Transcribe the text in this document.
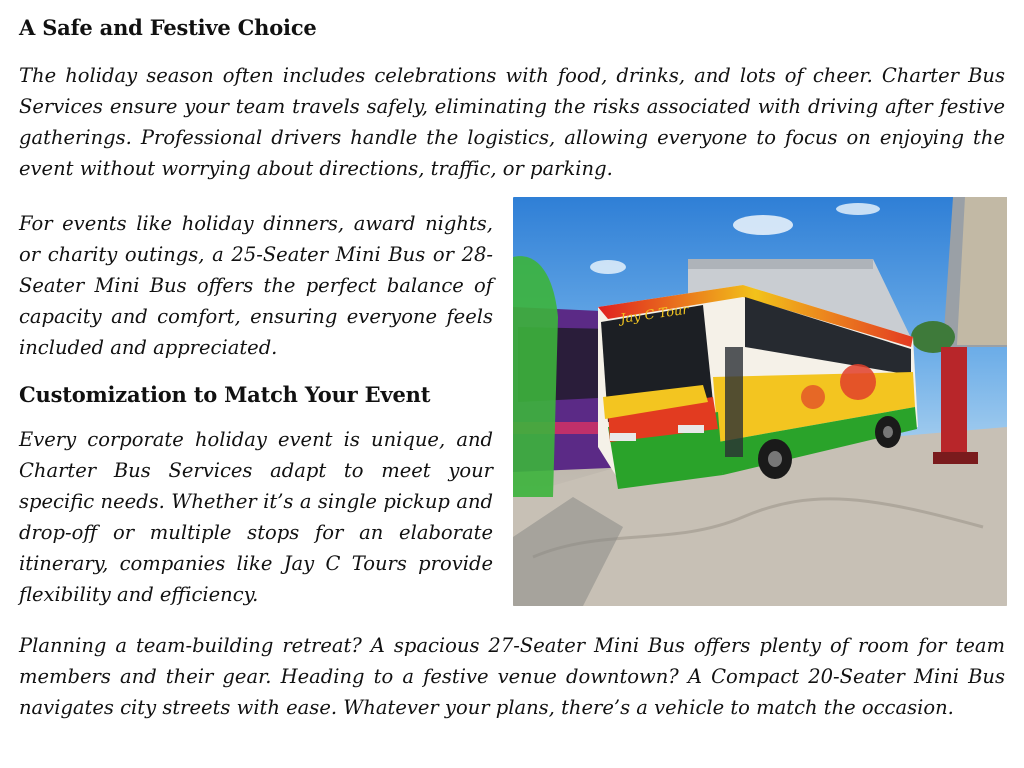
A Safe and Festive Choice

The holiday season often includes celebrations with food, drinks, and lots of cheer. Charter Bus Services ensure your team travels safely, eliminating the risks associated with driving after festive gatherings. Professional drivers handle the logistics, allowing everyone to focus on enjoying the event without worrying about directions, traffic, or parking.

For events like holiday dinners, award nights, or charity outings, a 25-Seater Mini Bus or 28-Seater Mini Bus offers the perfect balance of capacity and comfort, ensuring everyone feels included and appreciated.

Customization to Match Your Event

Every corporate holiday event is unique, and Charter Bus Services adapt to meet your specific needs. Whether it’s a single pickup and drop-off or multiple stops for an elaborate itinerary, companies like Jay C Tours provide flexibility and efficiency.

Planning a team-building retreat? A spacious 27-Seater Mini Bus offers plenty of room for team members and their gear. Heading to a festive venue downtown? A Compact 20-Seater Mini Bus navigates city streets with ease. Whatever your plans, there’s a vehicle to match the occasion.

Jay C Tour
